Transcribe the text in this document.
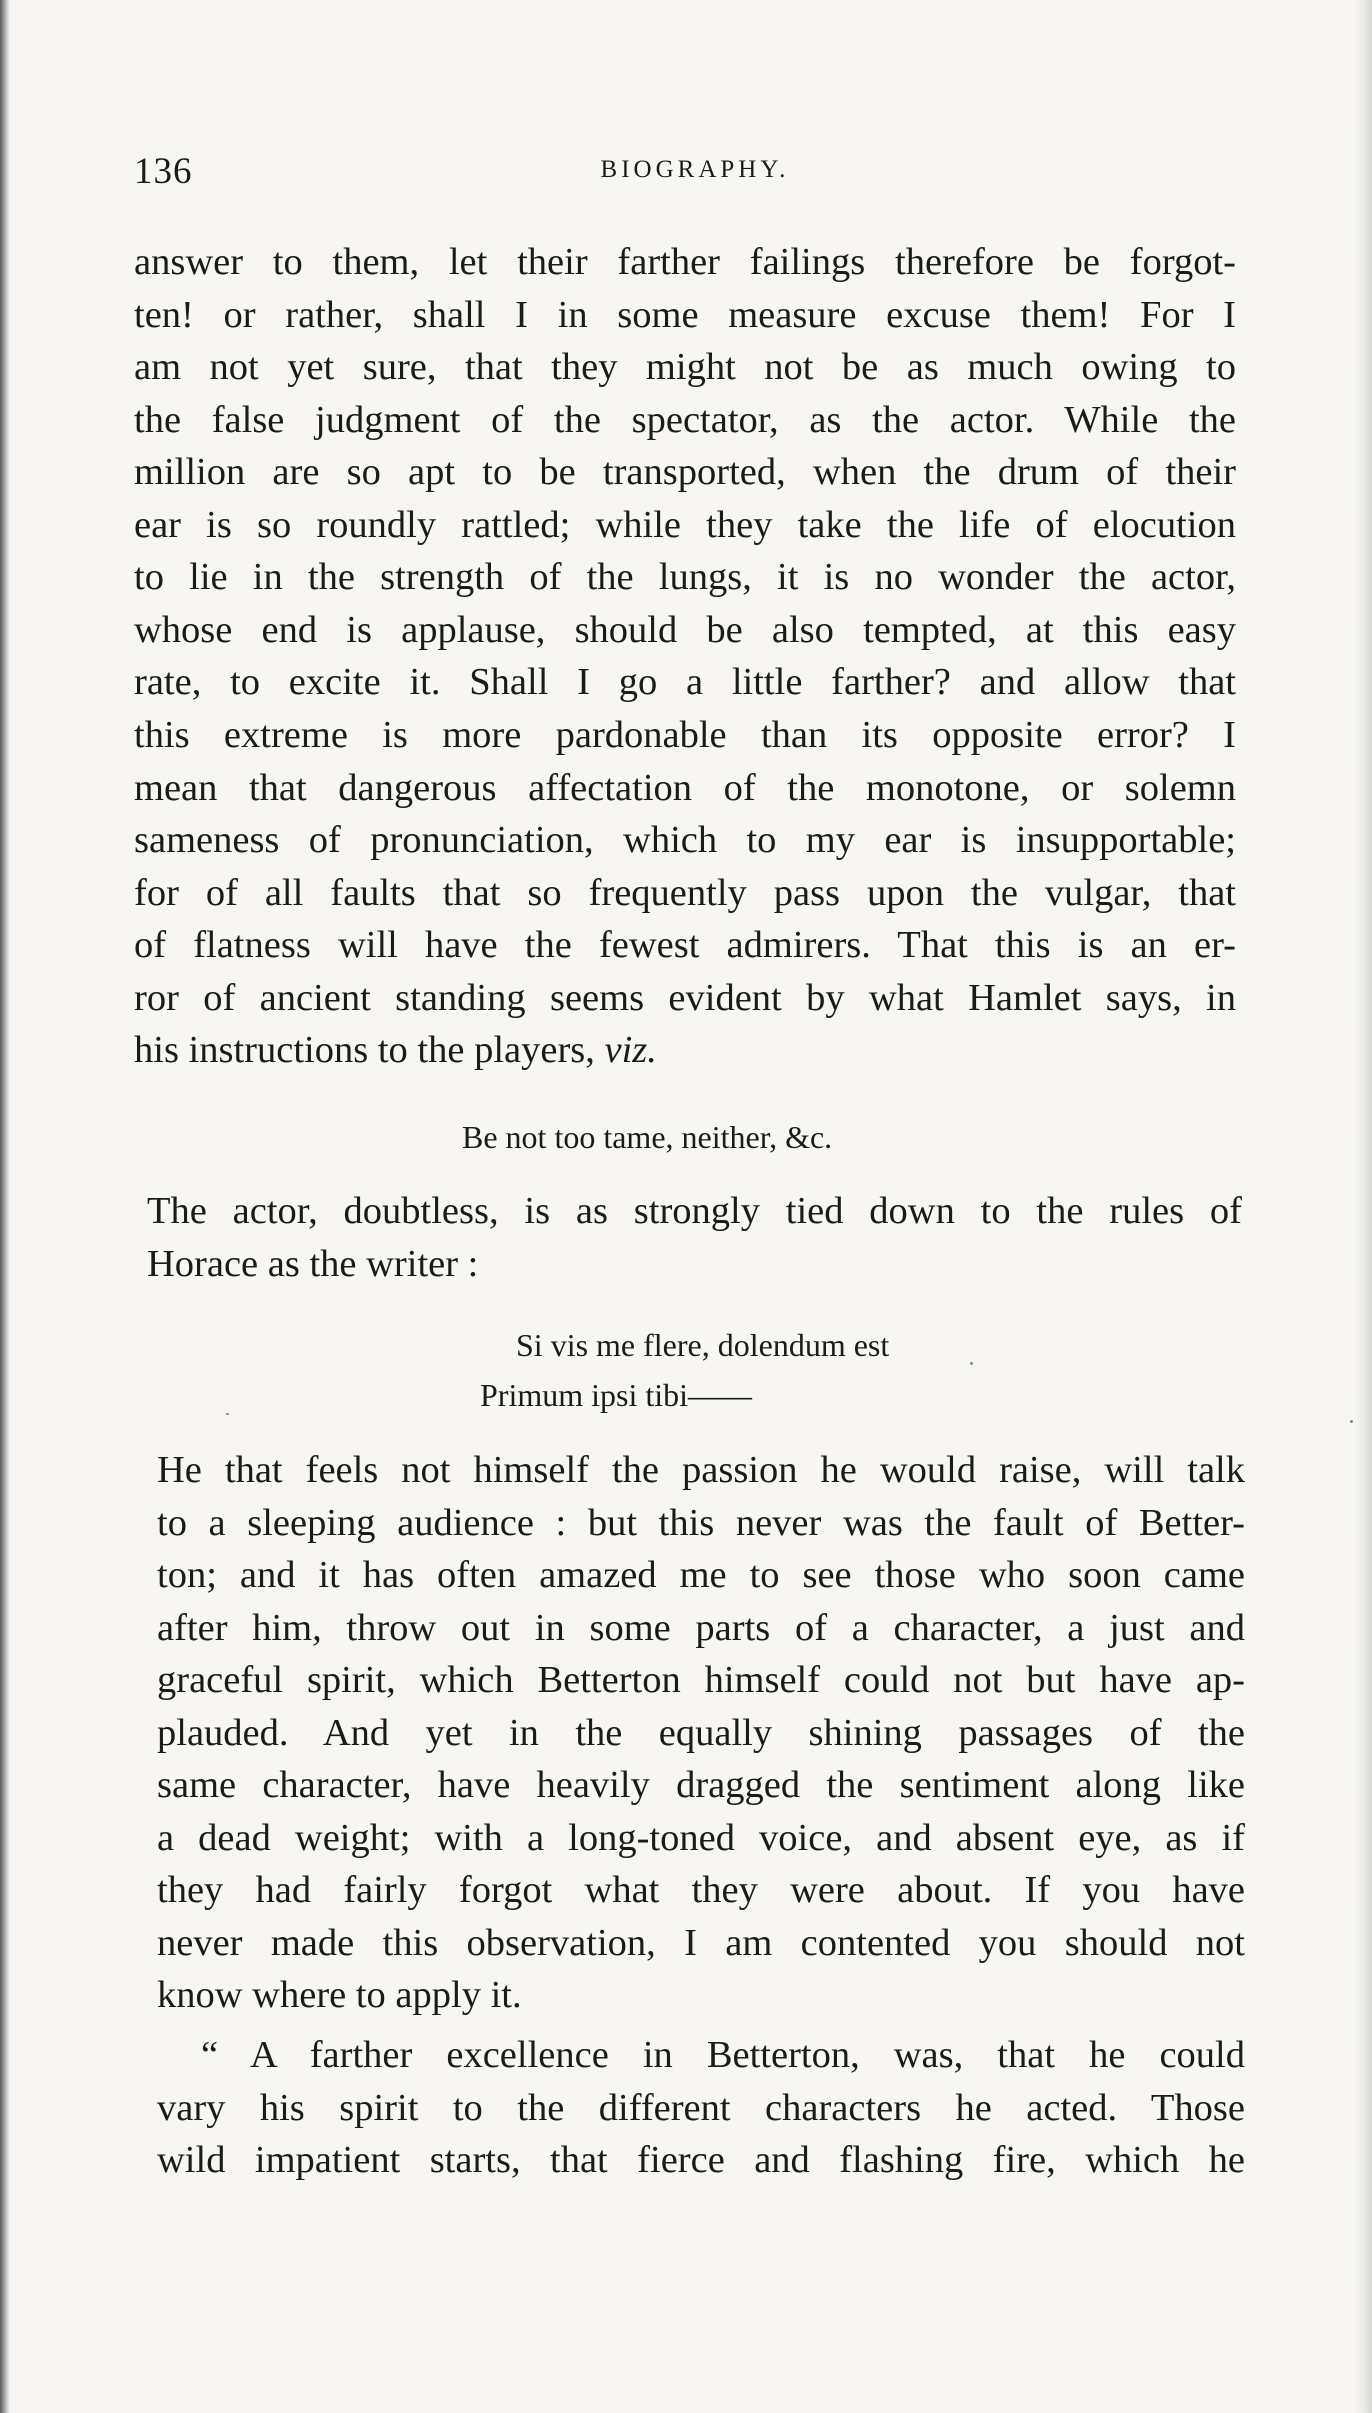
136	BIOGRAPHY.
answer to them, let their farther failings therefore be forgot-
ten! or rather, shall I in some measure excuse them! For I
am not yet sure, that they might not be as much owing to
the false judgment of the spectator, as the actor. While the
million are so apt to be transported, when the drum of their
ear is so roundly rattled; while they take the life of elocution
to lie in the strength of the lungs, it is no wonder the actor,
whose end is applause, should be also tempted, at this easy
rate, to excite it. Shall I go a little farther? and allow that
this extreme is more pardonable than its opposite error? I
mean that dangerous affectation of the monotone, or solemn
sameness of pronunciation, which to my ear is insupportable;
for of all faults that so frequently pass upon the vulgar, that
of flatness will have the fewest admirers. That this is an er-
ror of ancient standing seems evident by what Hamlet says, in
his instructions to the players, viz.
Be not too tame, neither, &c.
The actor, doubtless, is as strongly tied down to the rules of
Horace as the writer :
Si vis me flere, dolendum est
Primum ipsi tibi——
He that feels not himself the passion he would raise, will talk
to a sleeping audience : but this never was the fault of Better-
ton; and it has often amazed me to see those who soon came
after him, throw out in some parts of a character, a just and
graceful spirit, which Betterton himself could not but have ap-
plauded. And yet in the equally shining passages of the
same character, have heavily dragged the sentiment along like
a dead weight; with a long-toned voice, and absent eye, as if
they had fairly forgot what they were about. If you have
never made this observation, I am contented you should not
know where to apply it.
“ A farther excellence in Betterton, was, that he could
vary his spirit to the different characters he acted. Those
wild impatient starts, that fierce and flashing fire, which he
